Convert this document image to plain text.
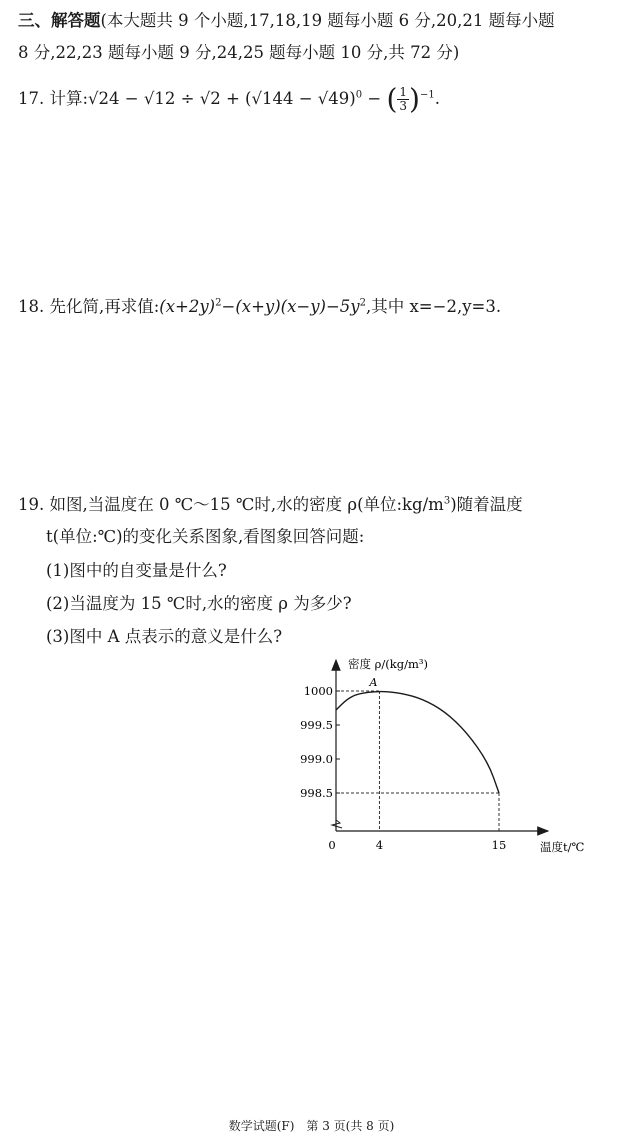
三、解答题(本大题共 9 个小题,17,18,19 题每小题 6 分,20,21 题每小题
8 分,22,23 题每小题 9 分,24,25 题每小题 10 分,共 72 分)
17. 计算:√24 − $√12 \div √2 + (√144 - √49)^0$ − ( $\frac{1}{3} )^{-1}$.
18. 先化简,再求值$:(x+2y)^2-(x+y)(x-y)-5y^2$,其中 x=−2,y=3.
19. 如图,当温度在 0 ℃～15 ℃时,水的密度 ρ(单位$:kg/m^3$)随着温度
t(单位:℃)的变化关系图象,看图象回答问题:
(1)图中的自变量是什么?
(2)当温度为 15 ℃时,水的密度 ρ 为多少?
(3)图中 A 点表示的意义是什么?
1000
999.5
999.0
998.5
4	15
密度 ρ/(kg/m³)
温度t/℃
0
A
数学试题(F)　第 3 页(共 8 页)
